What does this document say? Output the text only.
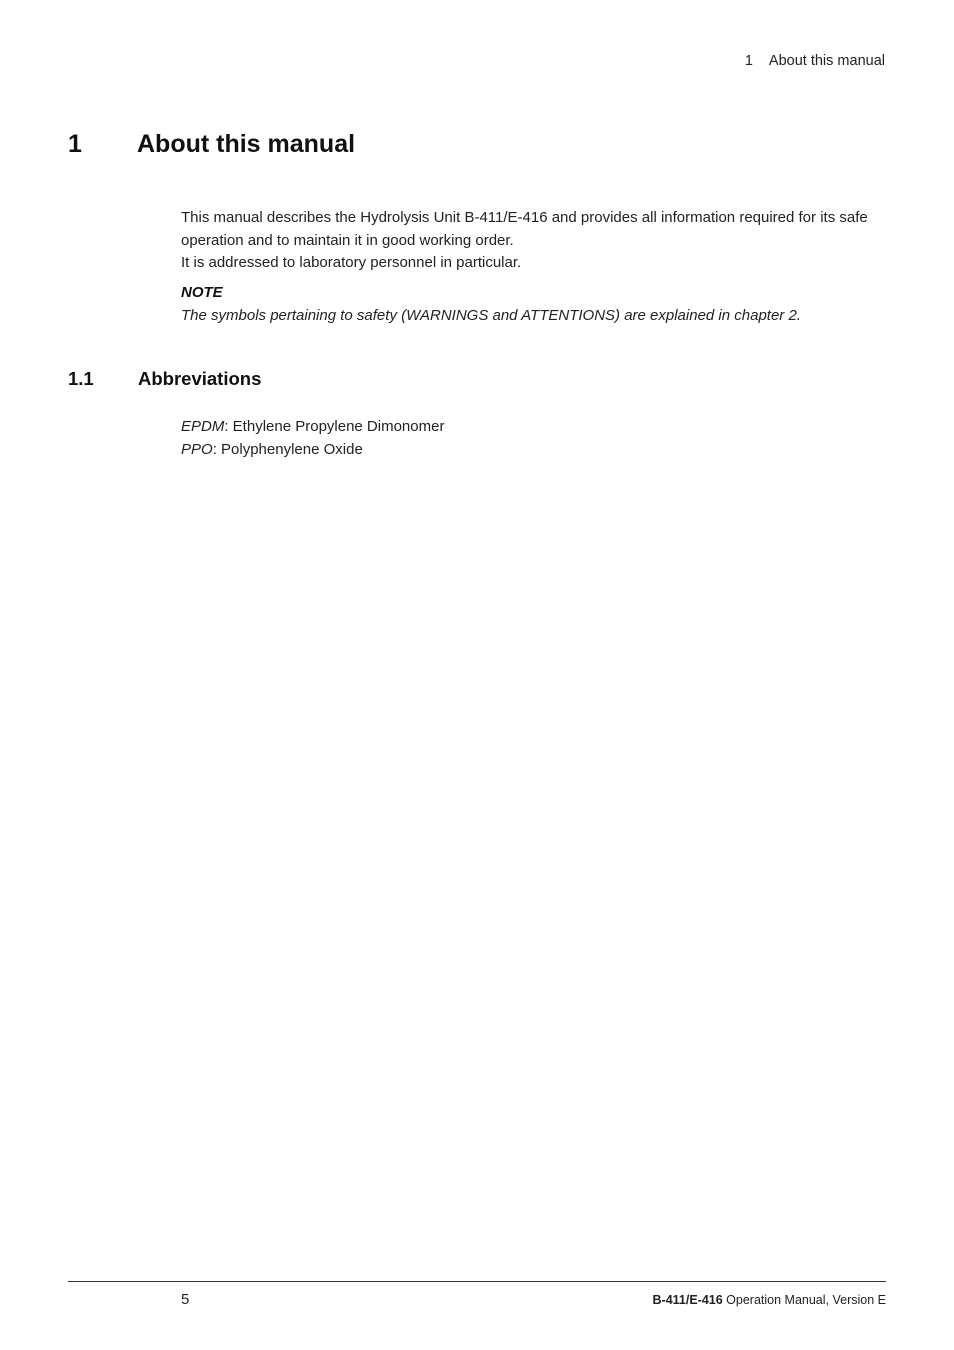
1 About this manual
1 About this manual

This manual describes the Hydrolysis Unit B-411/E-416 and provides all information required for its safe operation and to maintain it in good working order.

It is addressed to laboratory personnel in particular.

NOTE
The symbols pertaining to safety (WARNINGS and ATTENTIONS) are explained in chapter 2.
1.1 Abbreviations
EPDM: Ethylene Propylene Dimonomer
PPO: Polyphenylene Oxide
5	B-411/E-416 Operation Manual, Version E
